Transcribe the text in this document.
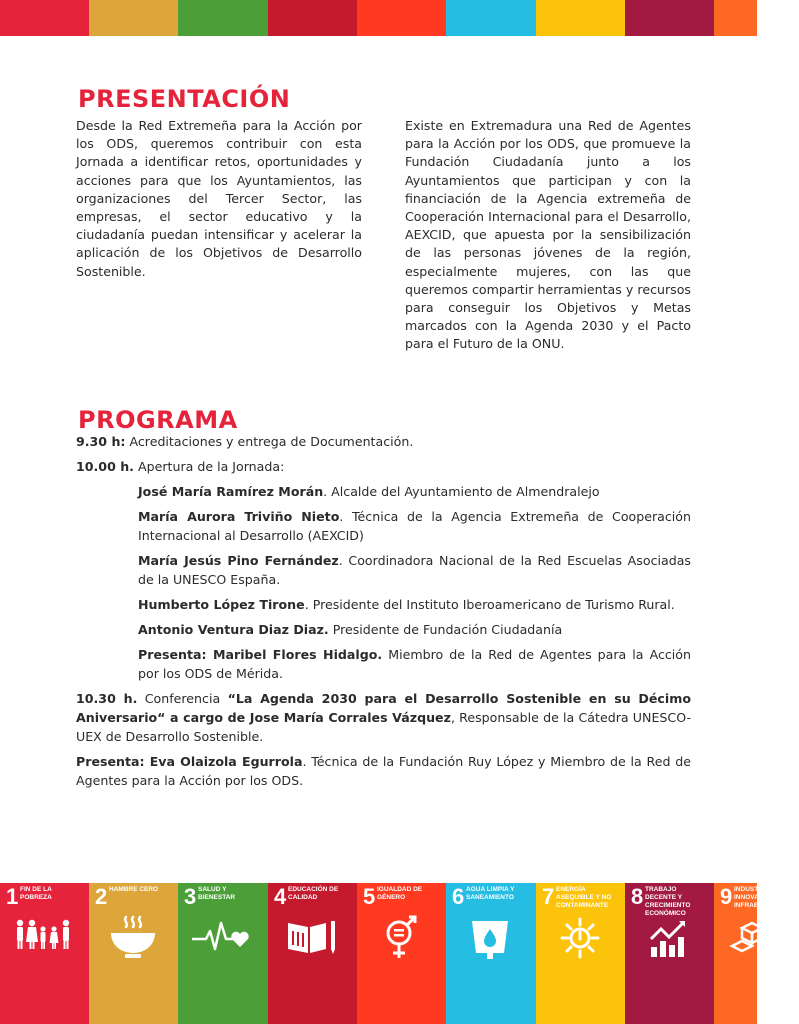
PRESENTACIÓN

Desde la Red Extremeña para la Acción por los ODS, queremos contribuir con esta Jornada a identificar retos, oportunidades y acciones para que los Ayuntamientos, las organizaciones del Tercer Sector, las empresas, el sector educativo y la ciudadanía puedan intensificar y acelerar la aplicación de los Objetivos de Desarrollo Sostenible.

Existe en Extremadura una Red de Agentes para la Acción por los ODS, que promueve la Fundación Ciudadanía junto a los Ayuntamientos que participan y con la financiación de la Agencia extremeña de Cooperación Internacional para el Desarrollo, AEXCID, que apuesta por la sensibilización de las personas jóvenes de la región, especialmente mujeres, con las que queremos compartir herramientas y recursos para conseguir los Objetivos y Metas marcados con la Agenda 2030 y el Pacto para el Futuro de la ONU.

PROGRAMA

9.30 h: Acreditaciones y entrega de Documentación.

10.00 h. Apertura de la Jornada:

José María Ramírez Morán. Alcalde del Ayuntamiento de Almendralejo

María Aurora Triviño Nieto. Técnica de la Agencia Extremeña de Cooperación Internacional al Desarrollo (AEXCID)

María Jesús Pino Fernández. Coordinadora Nacional de la Red Escuelas Asociadas de la UNESCO España.

Humberto López Tirone. Presidente del Instituto Iberoamericano de Turismo Rural.

Antonio Ventura Diaz Diaz. Presidente de Fundación Ciudadanía

Presenta: Maribel Flores Hidalgo. Miembro de la Red de Agentes para la Acción por los ODS de Mérida.

10.30 h. Conferencia “La Agenda 2030 para el Desarrollo Sostenible en su Décimo Aniversario“ a cargo de Jose María Corrales Vázquez, Responsable de la Cátedra UNESCO-UEX de Desarrollo Sostenible.

Presenta: Eva Olaizola Egurrola. Técnica de la Fundación Ruy López y Miembro de la Red de Agentes para la Acción por los ODS.

1 FIN DE LA POBREZA	2 HAMBRE CERO	3 SALUD Y BIENESTAR	4 EDUCACIÓN DE CALIDAD	5 IGUALDAD DE GÉNERO	6 AGUA LIMPIA Y SANEAMIENTO	7 ENERGÍA ASEQUIBLE Y NO CONTAMINANTE	8 TRABAJO DECENTE Y CRECIMIENTO ECONÓMICO
9 INDUSTRIA, INNOVACIÓN E INFRAESTRUCTURA
